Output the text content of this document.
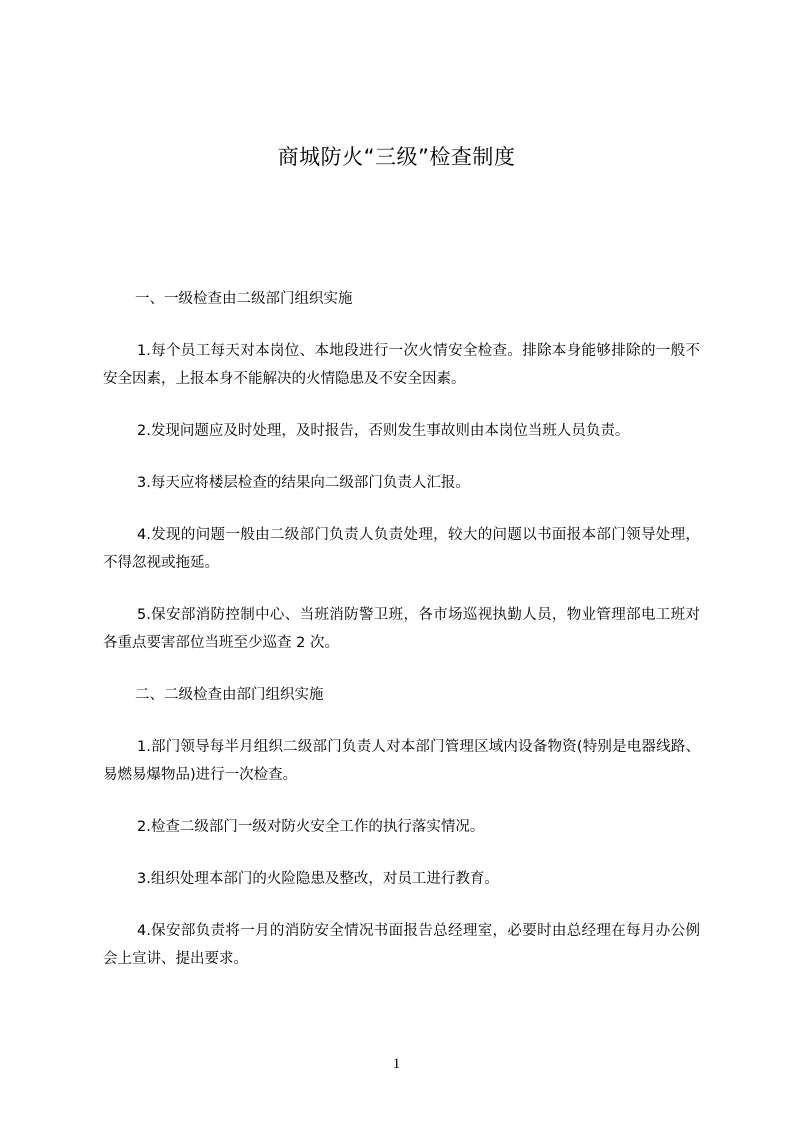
商城防火“三级”检查制度

一、一级检查由二级部门组织实施

1.每个员工每天对本岗位、本地段进行一次火情安全检查。排除本身能够排除的一般不安全因素，上报本身不能解决的火情隐患及不安全因素。

2.发现问题应及时处理，及时报告，否则发生事故则由本岗位当班人员负责。

3.每天应将楼层检查的结果向二级部门负责人汇报。

4.发现的问题一般由二级部门负责人负责处理，较大的问题以书面报本部门领导处理，不得忽视或拖延。

5.保安部消防控制中心、当班消防警卫班，各市场巡视执勤人员，物业管理部电工班对各重点要害部位当班至少巡查 2 次。

二、二级检查由部门组织实施

1.部门领导每半月组织二级部门负责人对本部门管理区域内设备物资(特别是电器线路、易燃易爆物品)进行一次检查。

2.检查二级部门一级对防火安全工作的执行落实情况。

3.组织处理本部门的火险隐患及整改，对员工进行教育。

4.保安部负责将一月的消防安全情况书面报告总经理室，必要时由总经理在每月办公例会上宣讲、提出要求。

1
